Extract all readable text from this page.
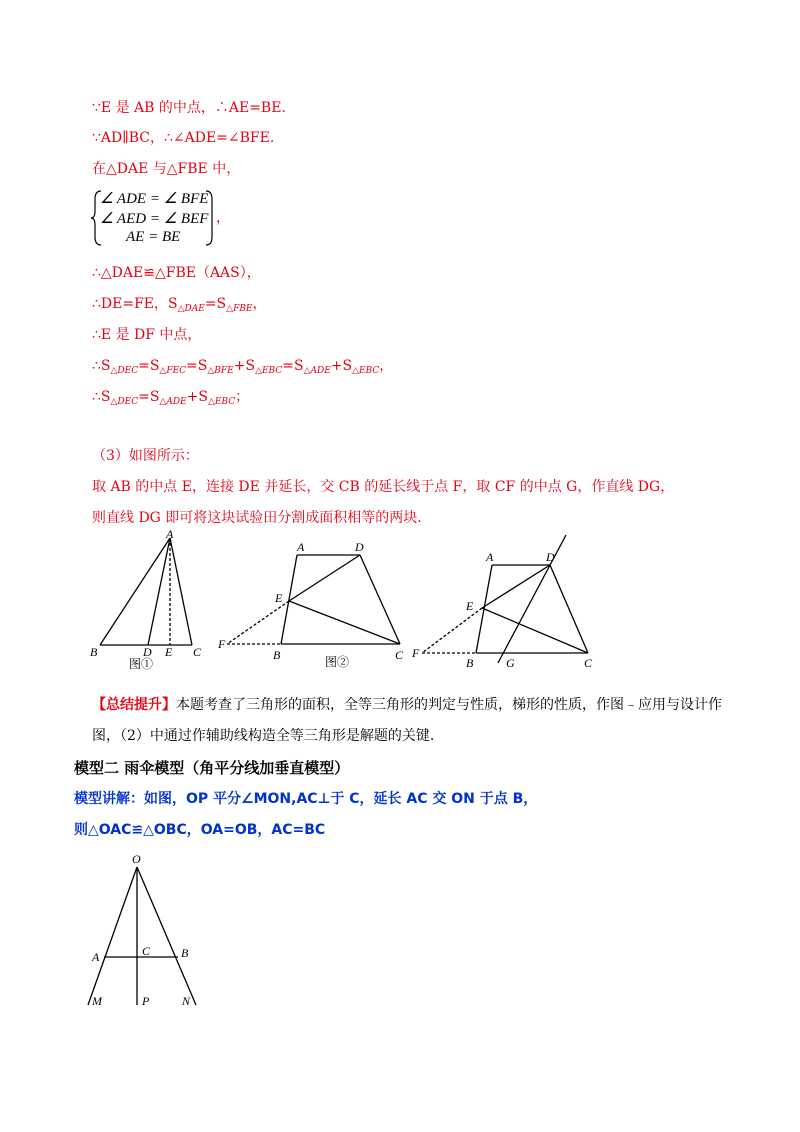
∵E 是 AB 的中点，∴AE=BE.
∵AD∥BC，∴∠ADE=∠BFE.
在△DAE 与△FBE 中，
∠ ADE = ∠ BFE
∠ AED = ∠ BEF
AE = BE
，
∴△DAE≌△FBE（AAS），
∴DE=FE，$S_{\triangle DAE}=S_{\triangle FBE}$，
∴E 是 DF 中点，
$\therefore S_{\triangle DEC}=S_{\triangle FEC}=S_{\triangle BFE}+S_{\triangle EBC}=S_{\triangle ADE}+S_{\triangle EBC}$，
$\therefore S_{\triangle DEC}=S_{\triangle ADE}+S_{\triangle EBC}$；
（3）如图所示：
取 AB 的中点 E，连接 DE 并延长，交 CB 的延长线于点 F，取 CF 的中点 G，作直线 DG，
则直线 DG 即可将这块试验田分割成面积相等的两块.
A
B	D E C
图①
A	D
E
F
B	C
图②
A	D
E
F
B	G	C
【总结提升】本题考查了三角形的面积，全等三角形的判定与性质，梯形的性质，作图﹣应用与设计作
图，（2）中通过作辅助线构造全等三角形是解题的关键.
模型二 雨伞模型（角平分线加垂直模型）
模型讲解：如图，OP 平分∠MON,AC⊥于 C，延长 AC 交 ON 于点 B，
则△OAC≌△OBC，OA=OB，AC=BC
O
A	C	B
M	P	N
